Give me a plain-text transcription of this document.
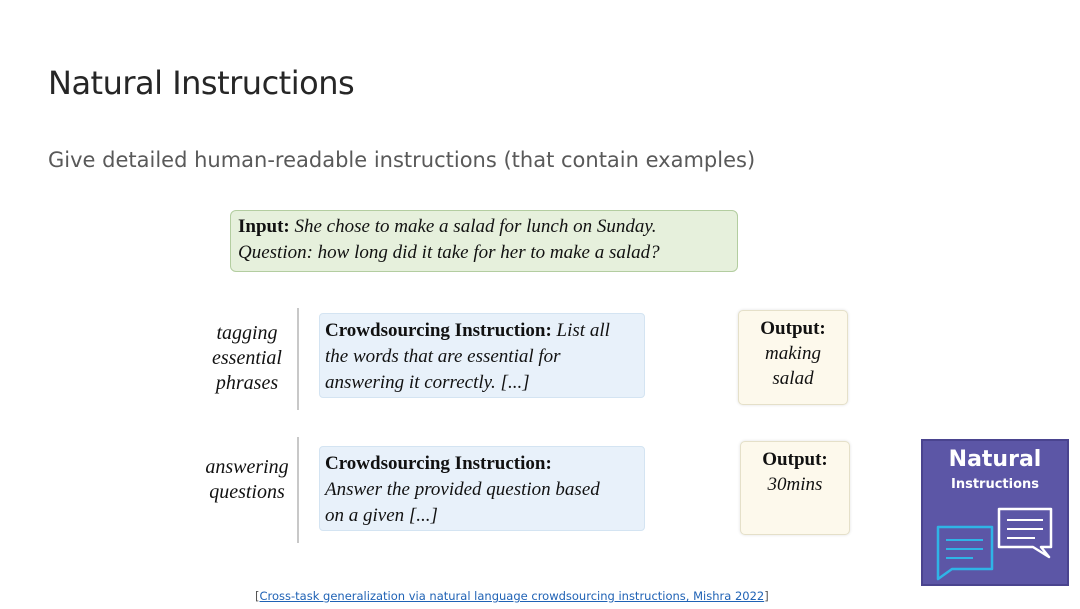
Natural Instructions
Give detailed human-readable instructions (that contain examples)
Input: She chose to make a salad for lunch on Sunday.
Question: how long did it take for her to make a salad?
tagging
essential
phrases
Crowdsourcing Instruction: List all
the words that are essential for
answering it correctly. [...]
Output:
making
salad
answering
questions
Crowdsourcing Instruction:
Answer the provided question based
on a given [...]
Output:
30mins
Natural
Instructions
[Cross-task generalization via natural language crowdsourcing instructions, Mishra 2022]
